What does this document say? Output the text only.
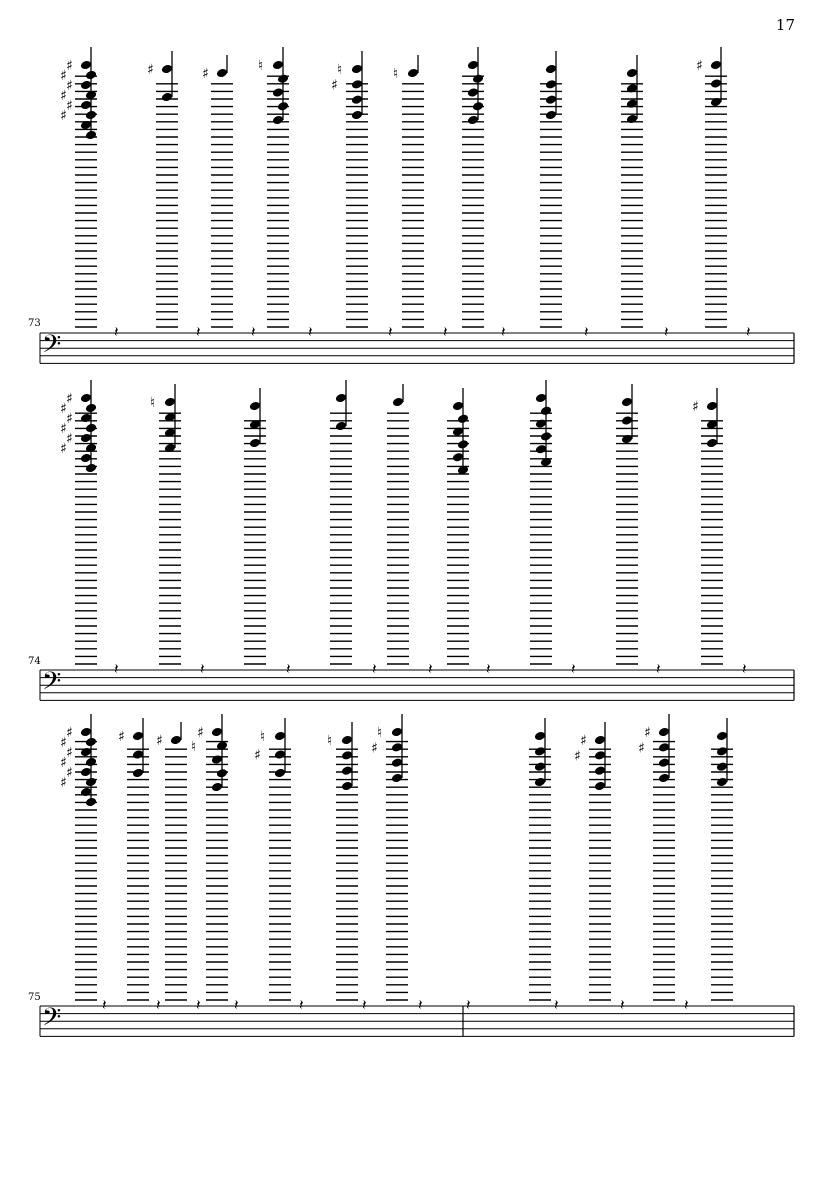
17
73
74
75
𝄢
♯
♯
♯
♯
♯
♯
♯	♯	♮	♮
♯
♮	♯
𝄽	𝄽	𝄽	𝄽	𝄽	𝄽	𝄽	𝄽	𝄽	𝄽
𝄢
♯
♯
♯
♯
♯
♯
♮	♯
𝄽	𝄽	𝄽	𝄽	𝄽	𝄽	𝄽	𝄽	𝄽
𝄢
♯
♯
♯
♯
♯
♯
♯ ♯ ♯
♮
♮
♯
♮	♮
♯	♯
♯
♯
♯
𝄽	𝄽 𝄽 𝄽	𝄽	𝄽	𝄽	𝄽	𝄽	𝄽	𝄽
